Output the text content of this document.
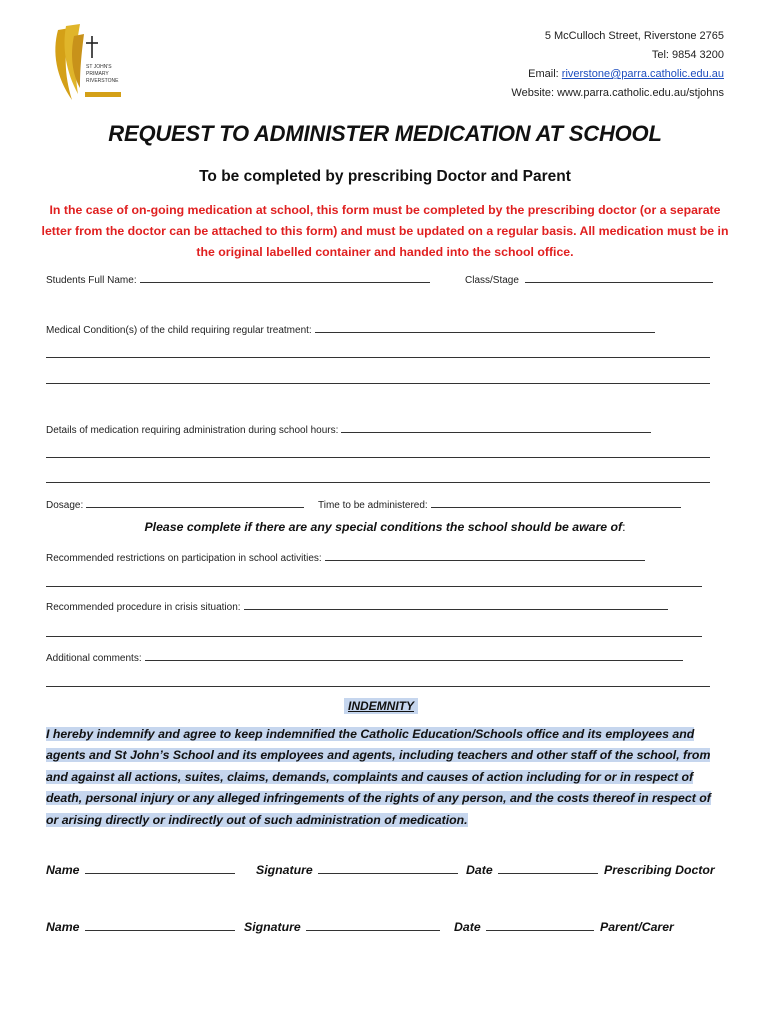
ST JOHN'S
PRIMARY
RIVERSTONE
5 McCulloch Street, Riverstone 2765
Tel: 9854 3200
Email: riverstone@parra.catholic.edu.au
Website: www.parra.catholic.edu.au/stjohns
REQUEST TO ADMINISTER MEDICATION AT SCHOOL
To be completed by prescribing Doctor and Parent
In the case of on-going medication at school, this form must be completed by the prescribing doctor (or a separate letter from the doctor can be attached to this form) and must be updated on a regular basis. All medication must be in the original labelled container and handed into the school office.
Students Full Name:	Class/Stage
Medical Condition(s) of the child requiring regular treatment:
Details of medication requiring administration during school hours:
Dosage:	Time to be administered:
Please complete if there are any special conditions the school should be aware of:
Recommended restrictions on participation in school activities:
Recommended procedure in crisis situation:
Additional comments:
INDEMNITY
I hereby indemnify and agree to keep indemnified the Catholic Education/Schools office and its employees and agents and St John’s School and its employees and agents, including teachers and other staff of the school, from and against all actions, suites, claims, demands, complaints and causes of action including for or in respect of death, personal injury or any alleged infringements of the rights of any person, and the costs thereof in respect of or arising directly or indirectly out of such administration of medication.
Name	Signature	Date	Prescribing Doctor
Name	Signature	Date	Parent/Carer
